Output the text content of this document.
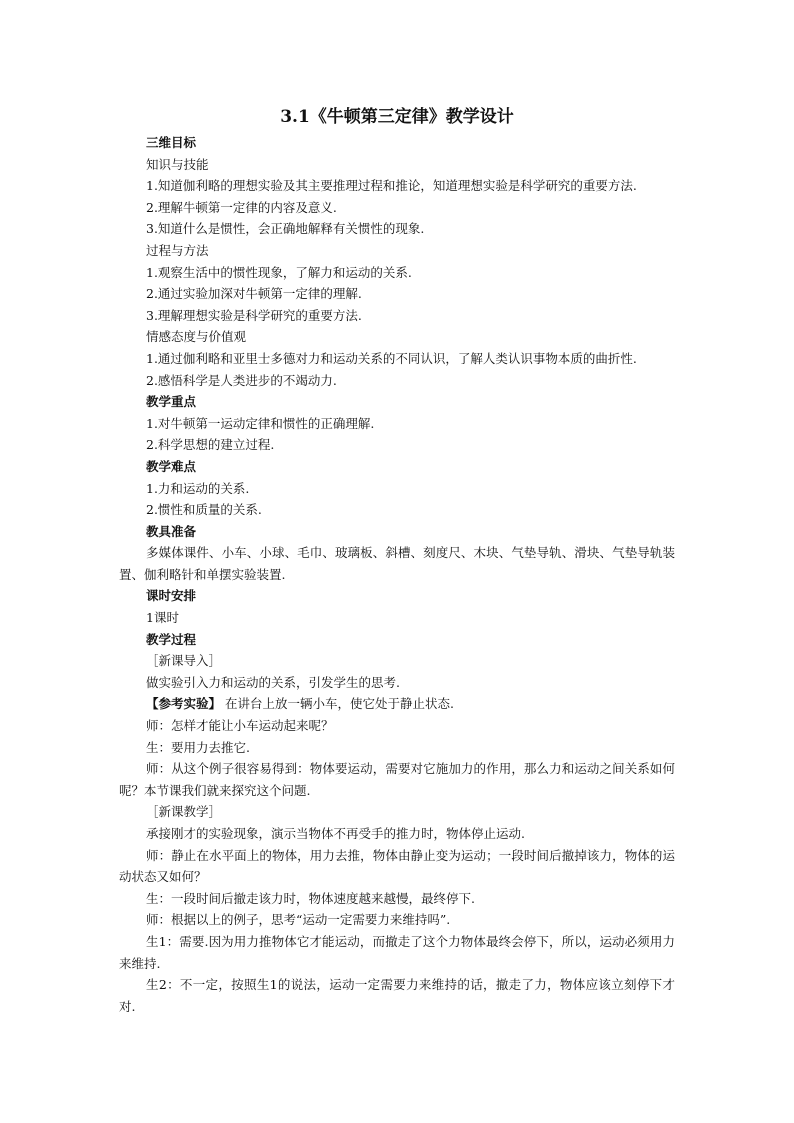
3.1《牛顿第三定律》教学设计
三维目标
知识与技能
1.知道伽利略的理想实验及其主要推理过程和推论，知道理想实验是科学研究的重要方法.
2.理解牛顿第一定律的内容及意义.
3.知道什么是惯性，会正确地解释有关惯性的现象.
过程与方法
1.观察生活中的惯性现象，了解力和运动的关系.
2.通过实验加深对牛顿第一定律的理解.
3.理解理想实验是科学研究的重要方法.
情感态度与价值观
1.通过伽利略和亚里士多德对力和运动关系的不同认识，了解人类认识事物本质的曲折性.
2.感悟科学是人类进步的不竭动力.
教学重点
1.对牛顿第一运动定律和惯性的正确理解.
2.科学思想的建立过程.
教学难点
1.力和运动的关系.
2.惯性和质量的关系.
教具准备
多媒体课件、小车、小球、毛巾、玻璃板、斜槽、刻度尺、木块、气垫导轨、滑块、气垫导轨装置、伽利略针和单摆实验装置.
课时安排
1课时
教学过程
［新课导入］
做实验引入力和运动的关系，引发学生的思考.
【参考实验】 在讲台上放一辆小车，使它处于静止状态.
师：怎样才能让小车运动起来呢？
生：要用力去推它.
师：从这个例子很容易得到：物体要运动，需要对它施加力的作用，那么力和运动之间关系如何呢？本节课我们就来探究这个问题.
［新课教学］
承接刚才的实验现象，演示当物体不再受手的推力时，物体停止运动.
师：静止在水平面上的物体，用力去推，物体由静止变为运动；一段时间后撤掉该力，物体的运动状态又如何？
生：一段时间后撤走该力时，物体速度越来越慢，最终停下.
师：根据以上的例子，思考“运动一定需要力来维持吗”.
生1：需要.因为用力推物体它才能运动，而撤走了这个力物体最终会停下，所以，运动必须用力来维持.
生2：不一定，按照生1的说法，运动一定需要力来维持的话，撤走了力，物体应该立刻停下才对.
